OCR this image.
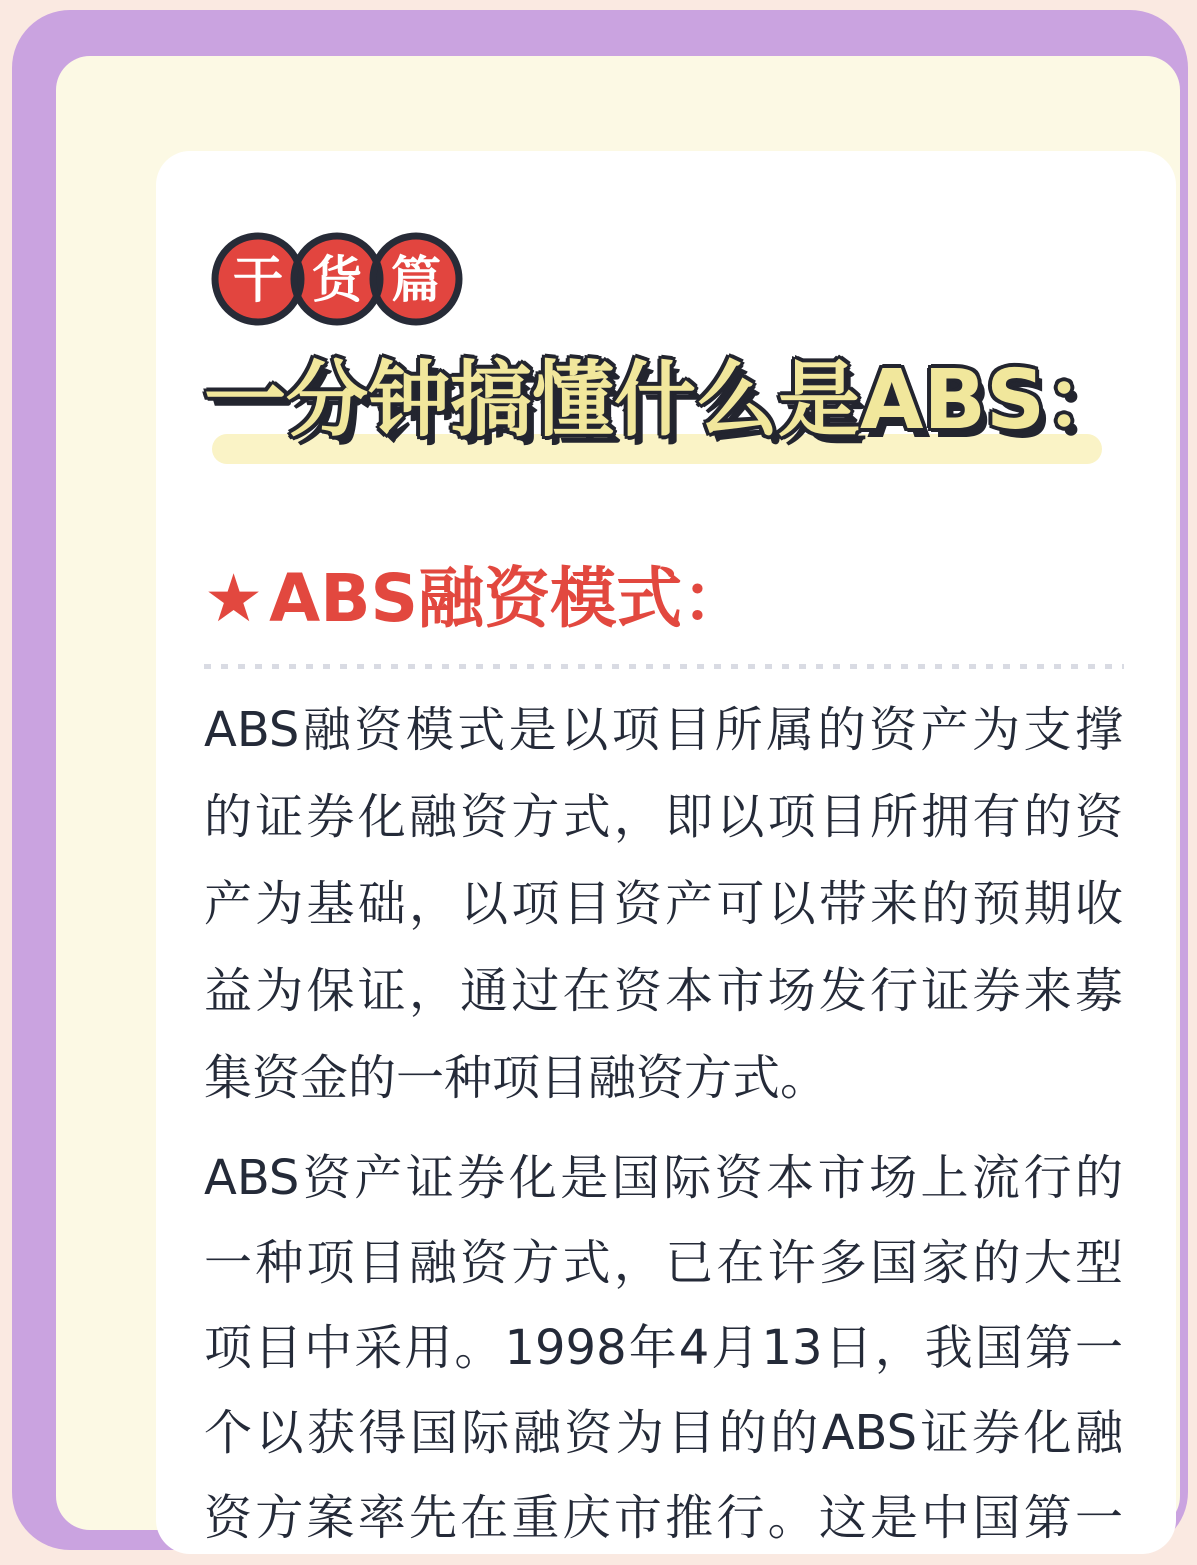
干 货 篇
一分钟搞懂什么是ABS：
★ABS融资模式：
ABS融资模式是以项目所属的资产为支撑
的证券化融资方式，即以项目所拥有的资
产为基础，以项目资产可以带来的预期收
益为保证，通过在资本市场发行证券来募
集资金的一种项目融资方式。
ABS资产证券化是国际资本市场上流行的
一种项目融资方式，已在许多国家的大型
项目中采用。1998年4月13日，我国第一
个以获得国际融资为目的的ABS证券化融
资方案率先在重庆市推行。这是中国第一
